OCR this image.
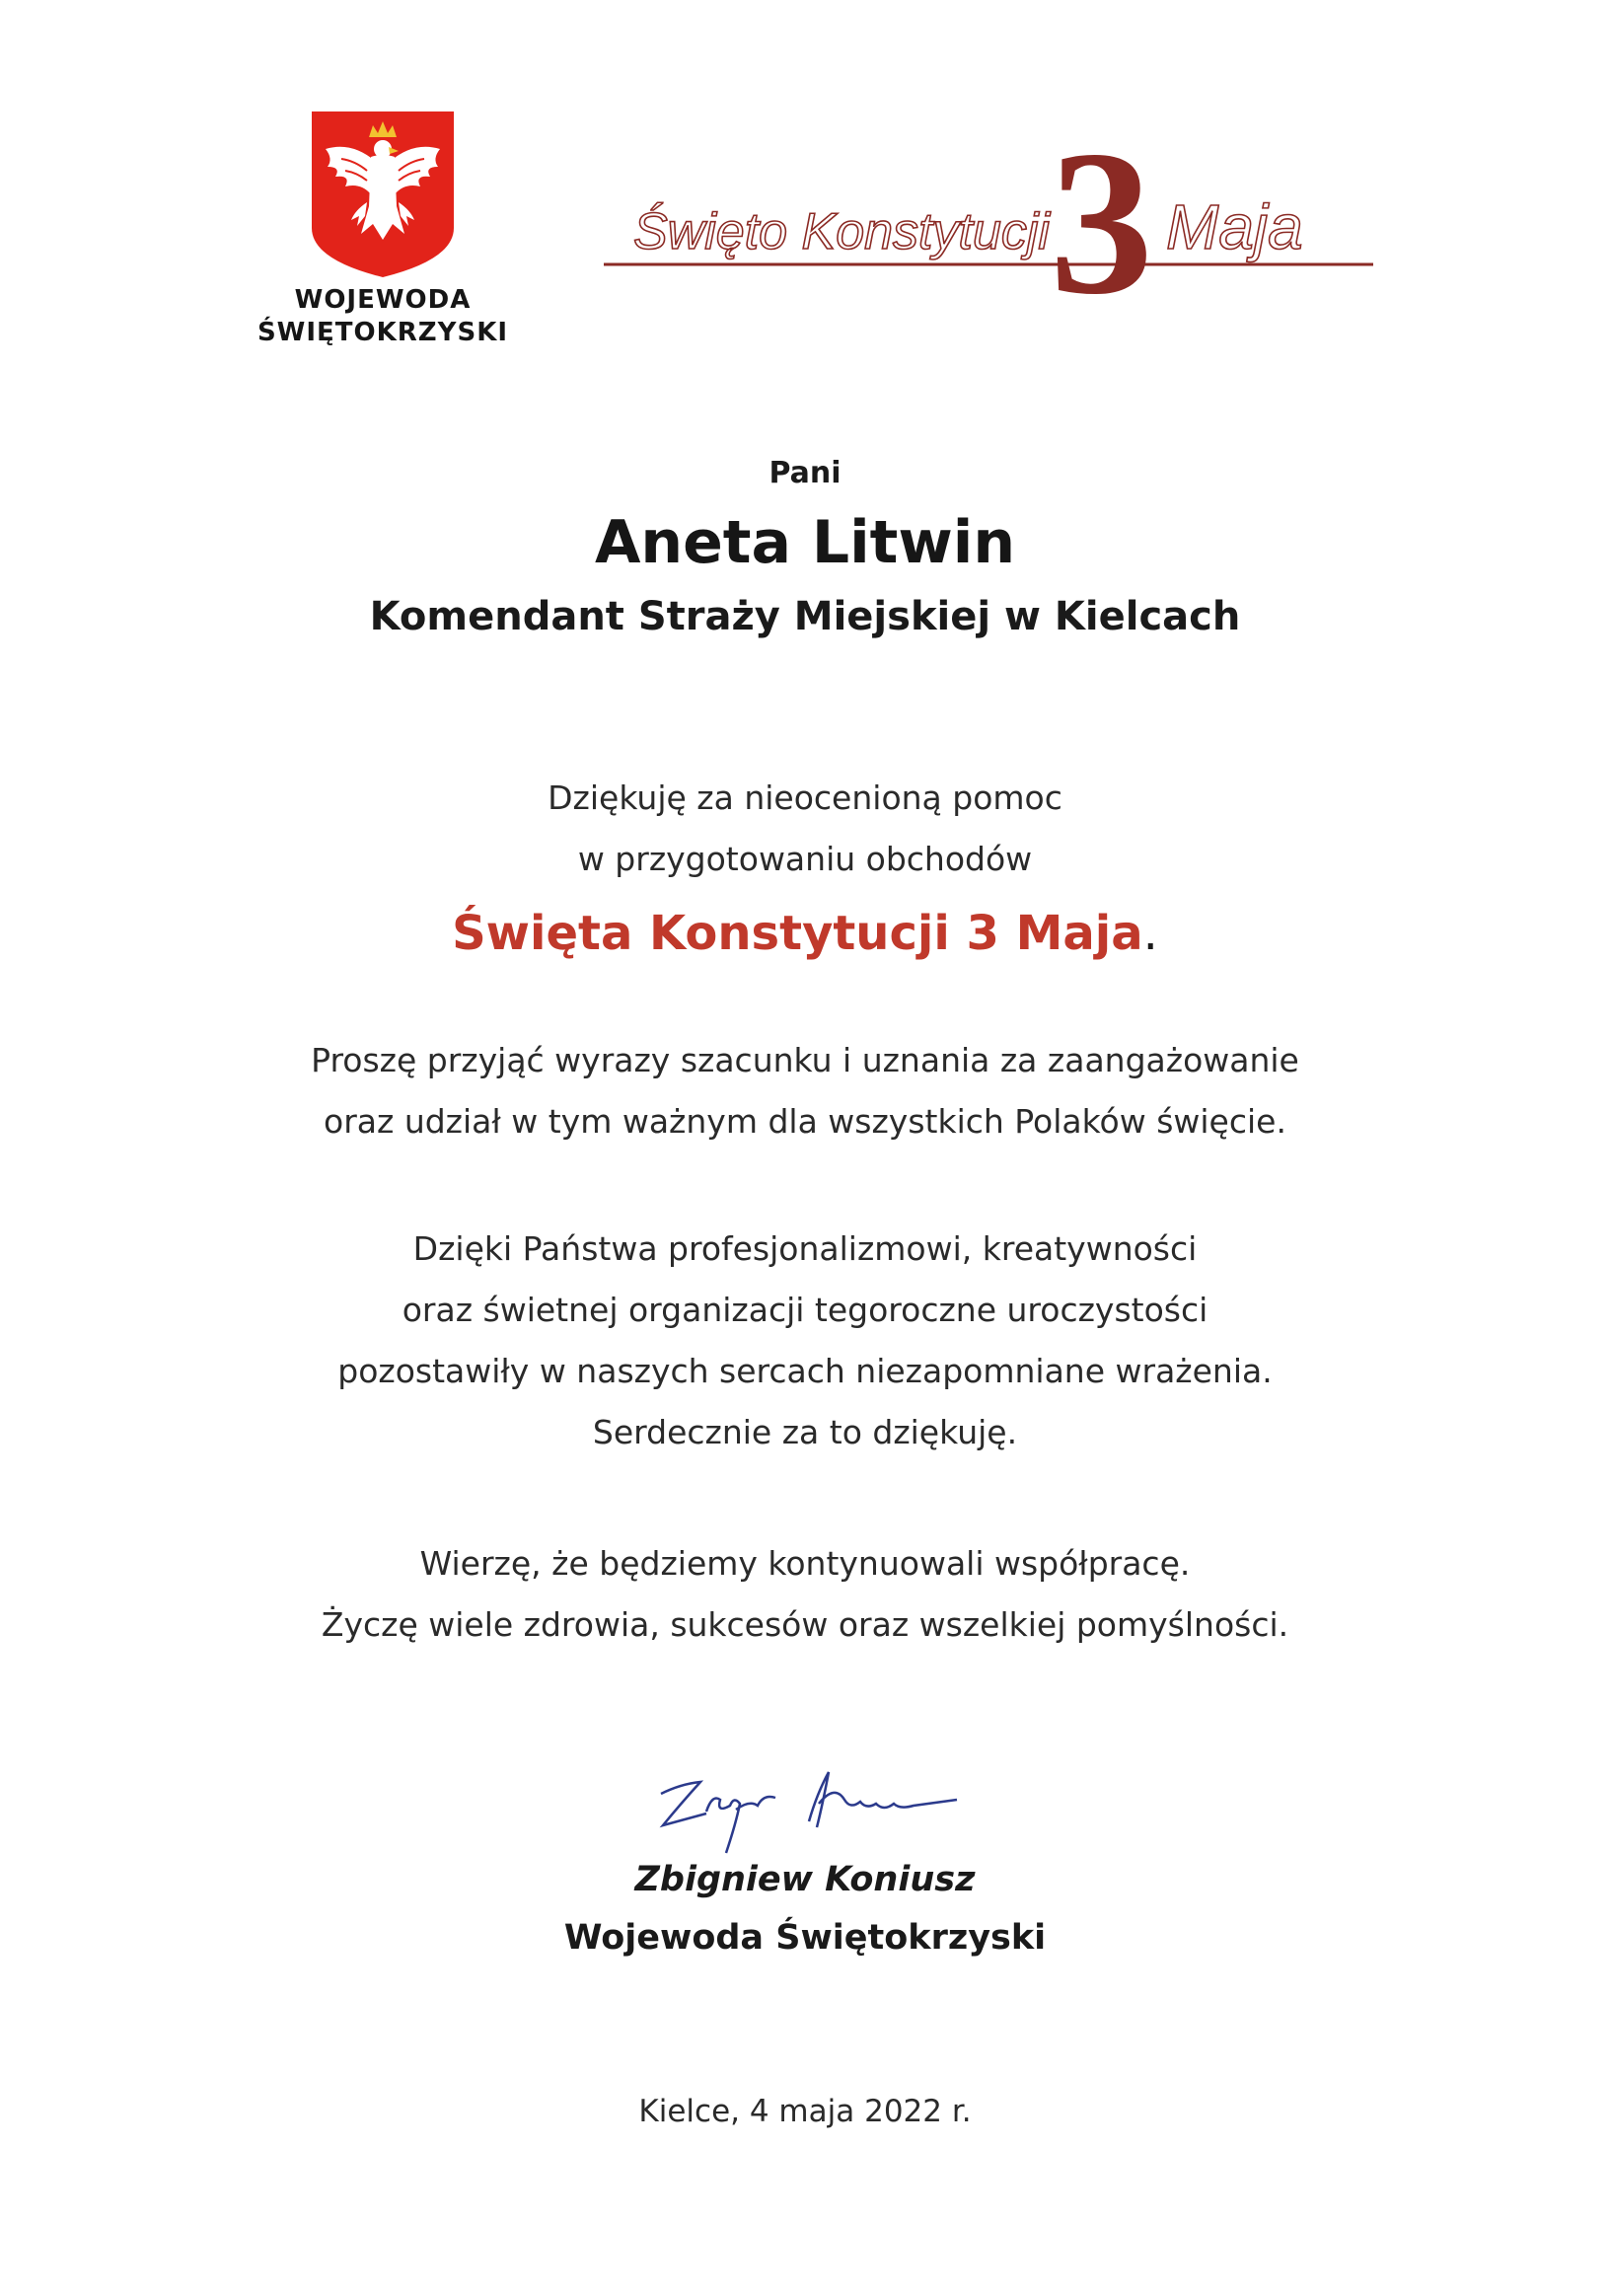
WOJEWODA
ŚWIĘTOKRZYSKI
Święto Konstytucji 3 Maja
Pani
Aneta Litwin
Komendant Straży Miejskiej w Kielcach
Dziękuję za nieocenioną pomoc
w przygotowaniu obchodów
Święta Konstytucji 3 Maja.
Proszę przyjąć wyrazy szacunku i uznania za zaangażowanie
oraz udział w tym ważnym dla wszystkich Polaków święcie.
Dzięki Państwa profesjonalizmowi, kreatywności
oraz świetnej organizacji tegoroczne uroczystości
pozostawiły w naszych sercach niezapomniane wrażenia.
Serdecznie za to dziękuję.
Wierzę, że będziemy kontynuowali współpracę.
Życzę wiele zdrowia, sukcesów oraz wszelkiej pomyślności.
Zbigniew Koniusz
Wojewoda Świętokrzyski
Kielce, 4 maja 2022 r.
